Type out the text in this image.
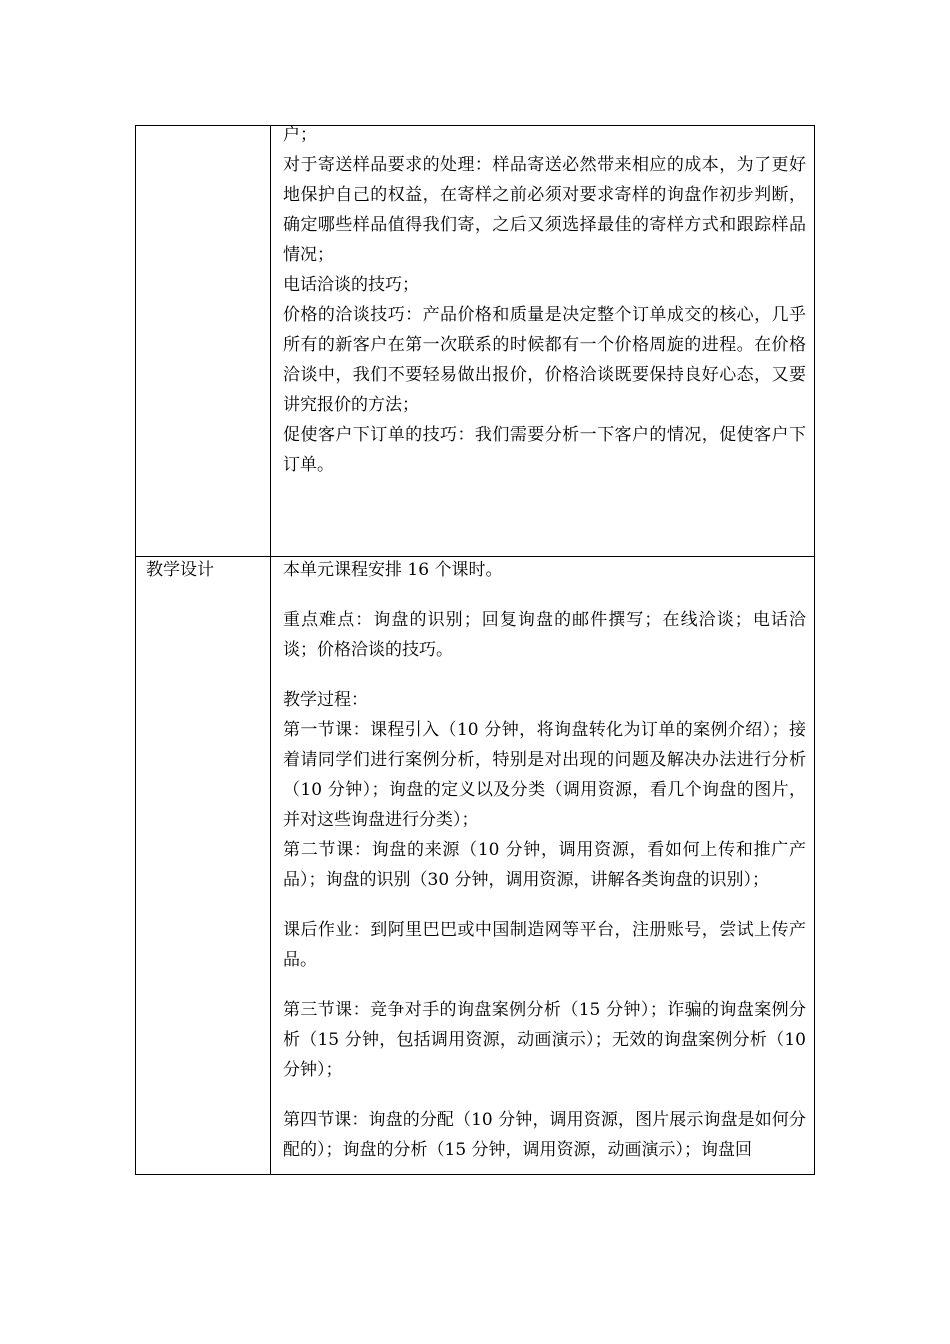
户；

对于寄送样品要求的处理：样品寄送必然带来相应的成本，为了更好地保护自己的权益，在寄样之前必须对要求寄样的询盘作初步判断，确定哪些样品值得我们寄，之后又须选择最佳的寄样方式和跟踪样品情况；

电话洽谈的技巧；

价格的洽谈技巧：产品价格和质量是决定整个订单成交的核心，几乎所有的新客户在第一次联系的时候都有一个价格周旋的进程。在价格洽谈中，我们不要轻易做出报价，价格洽谈既要保持良好心态，又要讲究报价的方法；

促使客户下订单的技巧：我们需要分析一下客户的情况，促使客户下订单。

教学设计	本单元课程安排 16 个课时。

重点难点：询盘的识别；回复询盘的邮件撰写；在线洽谈；电话洽谈；价格洽谈的技巧。

教学过程：

第一节课：课程引入（10 分钟，将询盘转化为订单的案例介绍）；接着请同学们进行案例分析，特别是对出现的问题及解决办法进行分析（10 分钟）；询盘的定义以及分类（调用资源，看几个询盘的图片，并对这些询盘进行分类）；

第二节课：询盘的来源（10 分钟，调用资源，看如何上传和推广产品）；询盘的识别（30 分钟，调用资源，讲解各类询盘的识别）；

课后作业：到阿里巴巴或中国制造网等平台，注册账号，尝试上传产品。

第三节课：竞争对手的询盘案例分析（15 分钟）；诈骗的询盘案例分析（15 分钟，包括调用资源，动画演示）；无效的询盘案例分析（10 分钟）；

第四节课：询盘的分配（10 分钟，调用资源，图片展示询盘是如何分配的）；询盘的分析（15 分钟，调用资源，动画演示）；询盘回
